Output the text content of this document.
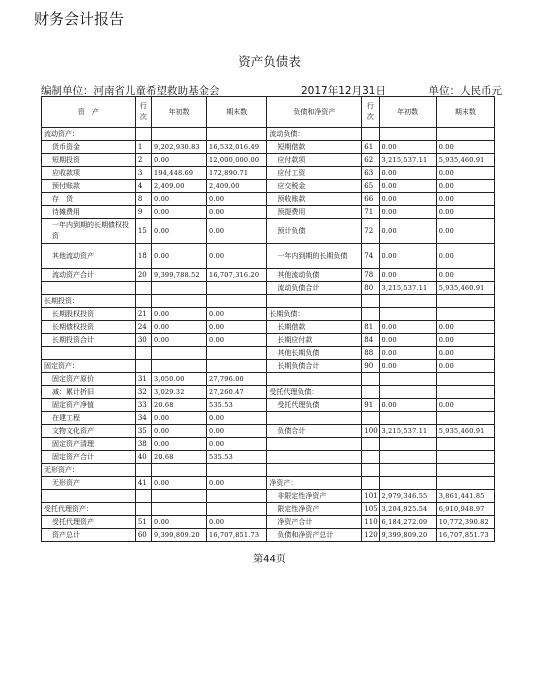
财务会计报告
资产负债表
编制单位：河南省儿童希望救助基金会	2017年12月31日	单位：人民币元
资　产	行次	年初数	期末数	负债和净资产	行次	年初数	期末数
流动资产：				流动负债：			
货币资金	1	9,202,930.83	16,532,016.49	短期借款	61	0.00	0.00
短期投资	2	0.00	12,000,000.00	应付款项	62	3,215,537.11	5,935,460.91
应收款项	3	194,448.69	172,890.71	应付工资	63	0.00	0.00
预付账款	4	2,409.00	2,409.00	应交税金	65	0.00	0.00
存　货	8	0.00	0.00	预收账款	66	0.00	0.00
待摊费用	9	0.00	0.00	预提费用	71	0.00	0.00
一年内到期的长期债权投资	15	0.00	0.00	预计负债	72	0.00	0.00
其他流动资产	18	0.00	0.00	一年内到期的长期负债	74	0.00	0.00
流动资产合计	20	9,399,788.52	16,707,316.20	其他流动负债	78	0.00	0.00
				流动负债合计	80	3,215,537.11	5,935,460.91
长期投资：							
长期股权投资	21	0.00	0.00	长期负债：			
长期债权投资	24	0.00	0.00	长期借款	81	0.00	0.00
长期投资合计	30	0.00	0.00	长期应付款	84	0.00	0.00
				其他长期负债	88	0.00	0.00
固定资产：				长期负债合计	90	0.00	0.00
固定资产原价	31	3,050.00	27,796.00				
减：累计折旧	32	3,029.32	27,260.47	受托代理负债：			
固定资产净值	33	20.68	535.53	受托代理负债	91	0.00	0.00
在建工程	34	0.00	0.00				
文物文化资产	35	0.00	0.00	负债合计	100	3,215,537.11	5,935,460.91
固定资产清理	38	0.00	0.00				
固定资产合计	40	20.68	535.53				
无形资产：							
无形资产	41	0.00	0.00	净资产：			
				非限定性净资产	101	2,979,346.55	3,861,441.85
受托代理资产：				限定性净资产	105	3,204,925.54	6,910,948.97
受托代理资产	51	0.00	0.00	净资产合计	110	6,184,272.09	10,772,390.82
资产总计	60	9,399,809.20	16,707,851.73	负债和净资产总计	120	9,399,809.20	16,707,851.73
第44页
